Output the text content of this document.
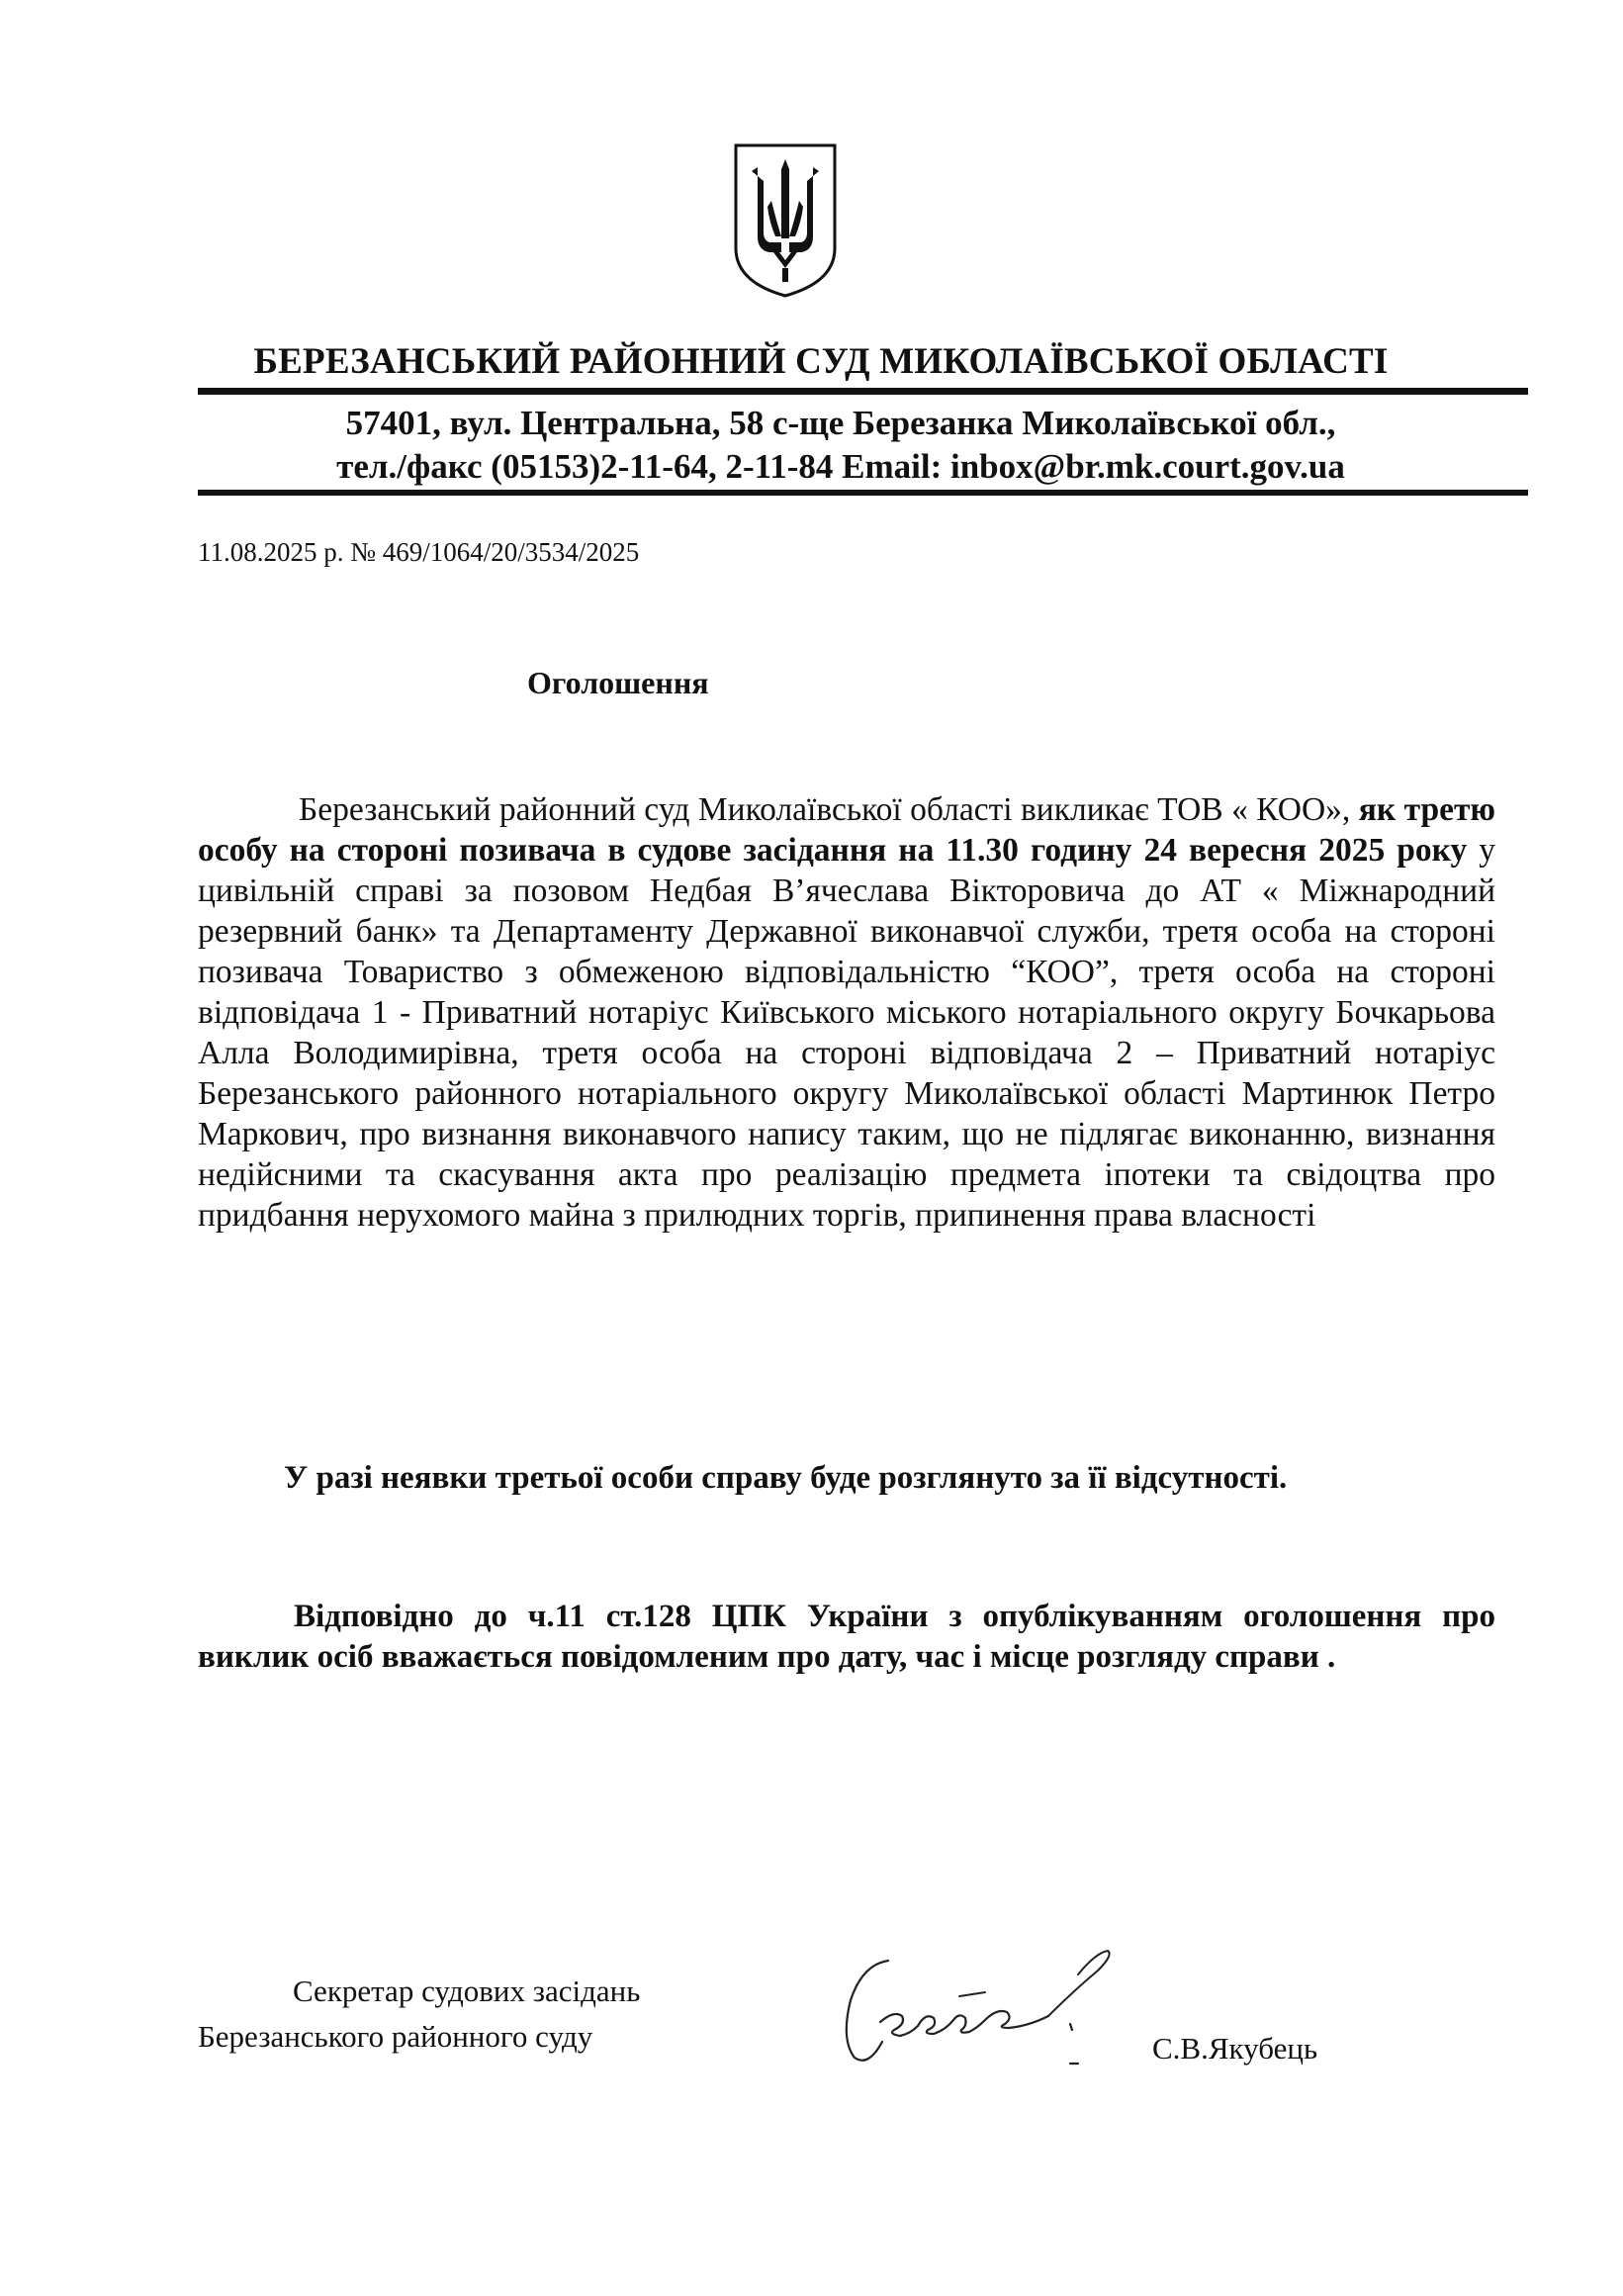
БЕРЕЗАНСЬКИЙ РАЙОННИЙ СУД МИКОЛАЇВСЬКОЇ ОБЛАСТІ
57401, вул. Центральна, 58 с-ще Березанка Миколаївської обл.,
тел./факс (05153)2-11-64, 2-11-84 Email: inbox@br.mk.court.gov.ua
11.08.2025 р. № 469/1064/20/3534/2025
Оголошення
Березанський районний суд Миколаївської області викликає ТОВ « КОО», як третю особу на стороні позивача в судове засідання на 11.30 годину 24 вересня 2025 року у цивільній справі за позовом Недбая В’ячеслава Вікторовича до АТ « Міжнародний резервний банк» та Департаменту Державної виконавчої служби, третя особа на стороні позивача Товариство з обмеженою відповідальністю “КОО”, третя особа на стороні відповідача 1 - Приватний нотаріус Київського міського нотаріального округу Бочкарьова Алла Володимирівна, третя особа на стороні відповідача 2 – Приватний нотаріус Березанського районного нотаріального округу Миколаївської області Мартинюк Петро Маркович, про визнання виконавчого напису таким, що не підлягає виконанню, визнання недійсними та скасування акта про реалізацію предмета іпотеки та свідоцтва про придбання нерухомого майна з прилюдних торгів, припинення права власності
У разі неявки третьої особи справу буде розглянуто за її відсутності.
Відповідно до ч.11 ст.128 ЦПК України з опублікуванням оголошення про виклик осіб вважається повідомленим про дату, час і місце розгляду справи .
Секретар судових засідань
Березанського районного суду	С.В.Якубець
